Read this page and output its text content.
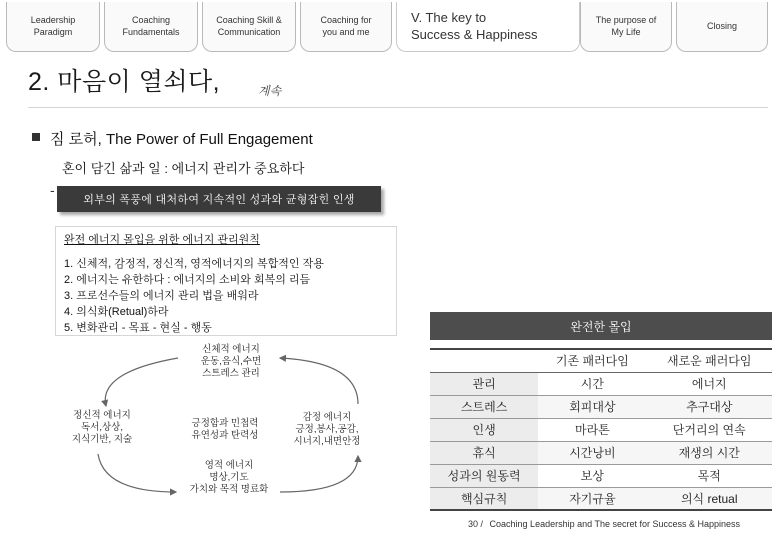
Leadership
Paradigm
Coaching
Fundamentals
Coaching Skill &
Communication
Coaching for
you and me
V. The key to
Success & Happiness
The purpose of
My Life
Closing
2. 마음이 열쇠다,	계속
짐 로허, The Power of Full Engagement
혼이 담긴 삶과 일 : 에너지 관리가 중요하다
-
외부의 폭풍에 대처하여 지속적인 성과와 균형잡힌 인생
완전 에너지 몰입을 위한 에너지 관리원칙
1. 신체적, 감정적, 정신적, 영적에너지의 복합적인 작용
2. 에너지는 유한하다 : 에너지의 소비와 회복의 리듬
3. 프로선수들의 에너지 관리 법을 배워라
4. 의식화(Retual)하라
5. 변화관리 - 목표 - 현실 - 행동	완전한 몰입
신체적 에너지
운동,음식,수면
스트레스 관리
정신적 에너지
독서,상상,
지식기반, 지술
긍정함과 민첩력
유연성과 탄력성
감정 에너지
긍정,봉사,공감,
시너지,내면안정
영적 에너지
명상,기도
가치와 목적 명료화
	기존 패러다임	새로운 패러다임
관리	시간	에너지
스트레스	회피대상	추구대상
인생	마라톤	단거리의 연속
휴식	시간낭비	재생의 시간
성과의 원동력	보상	목적
핵심규칙	자기규율	의식 retual
30 / Coaching Leadership and The secret for Success & Happiness
